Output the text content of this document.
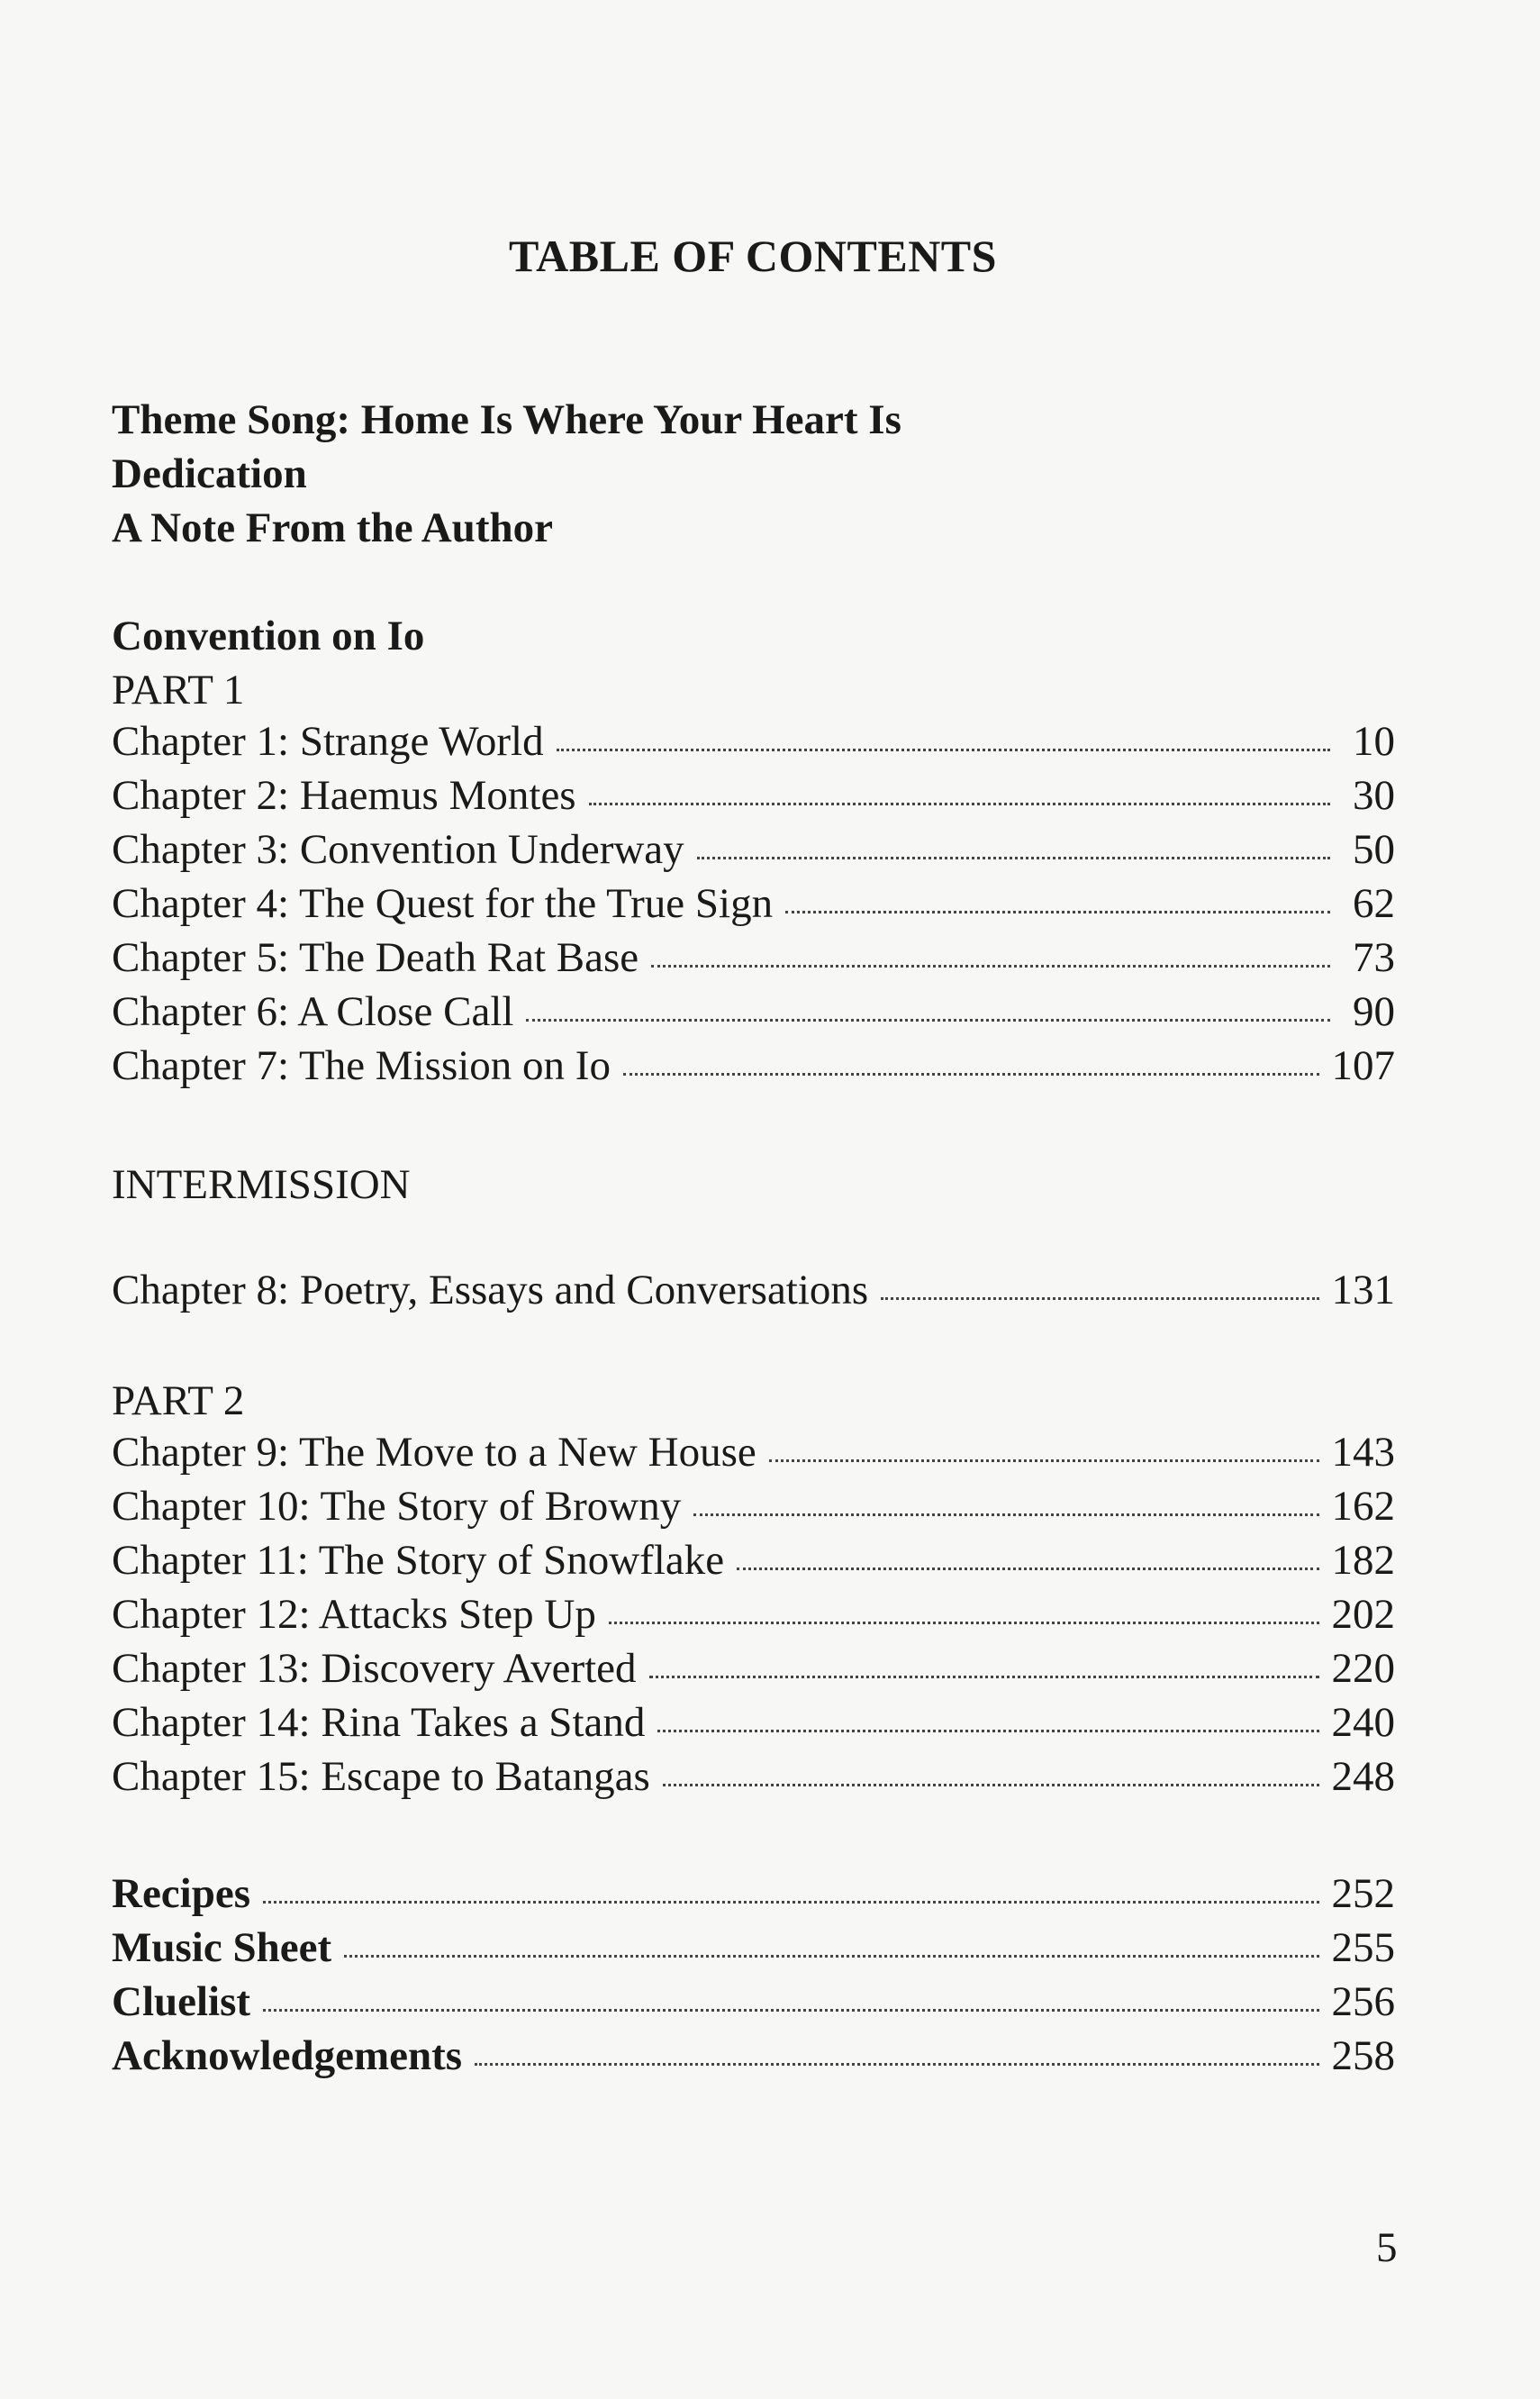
TABLE OF CONTENTS
Theme Song: Home Is Where Your Heart Is
Dedication
A Note From the Author
Convention on Io
PART 1
Chapter 1: Strange World	10
Chapter 2: Haemus Montes	30
Chapter 3: Convention Underway	50
Chapter 4: The Quest for the True Sign	62
Chapter 5: The Death Rat Base	73
Chapter 6: A Close Call	90
Chapter 7: The Mission on Io	107
INTERMISSION
Chapter 8: Poetry, Essays and Conversations	131
PART 2
Chapter 9: The Move to a New House	143
Chapter 10: The Story of Browny	162
Chapter 11: The Story of Snowflake	182
Chapter 12: Attacks Step Up	202
Chapter 13: Discovery Averted	220
Chapter 14: Rina Takes a Stand	240
Chapter 15: Escape to Batangas	248
Recipes	252
Music Sheet	255
Cluelist	256
Acknowledgements	258
5
